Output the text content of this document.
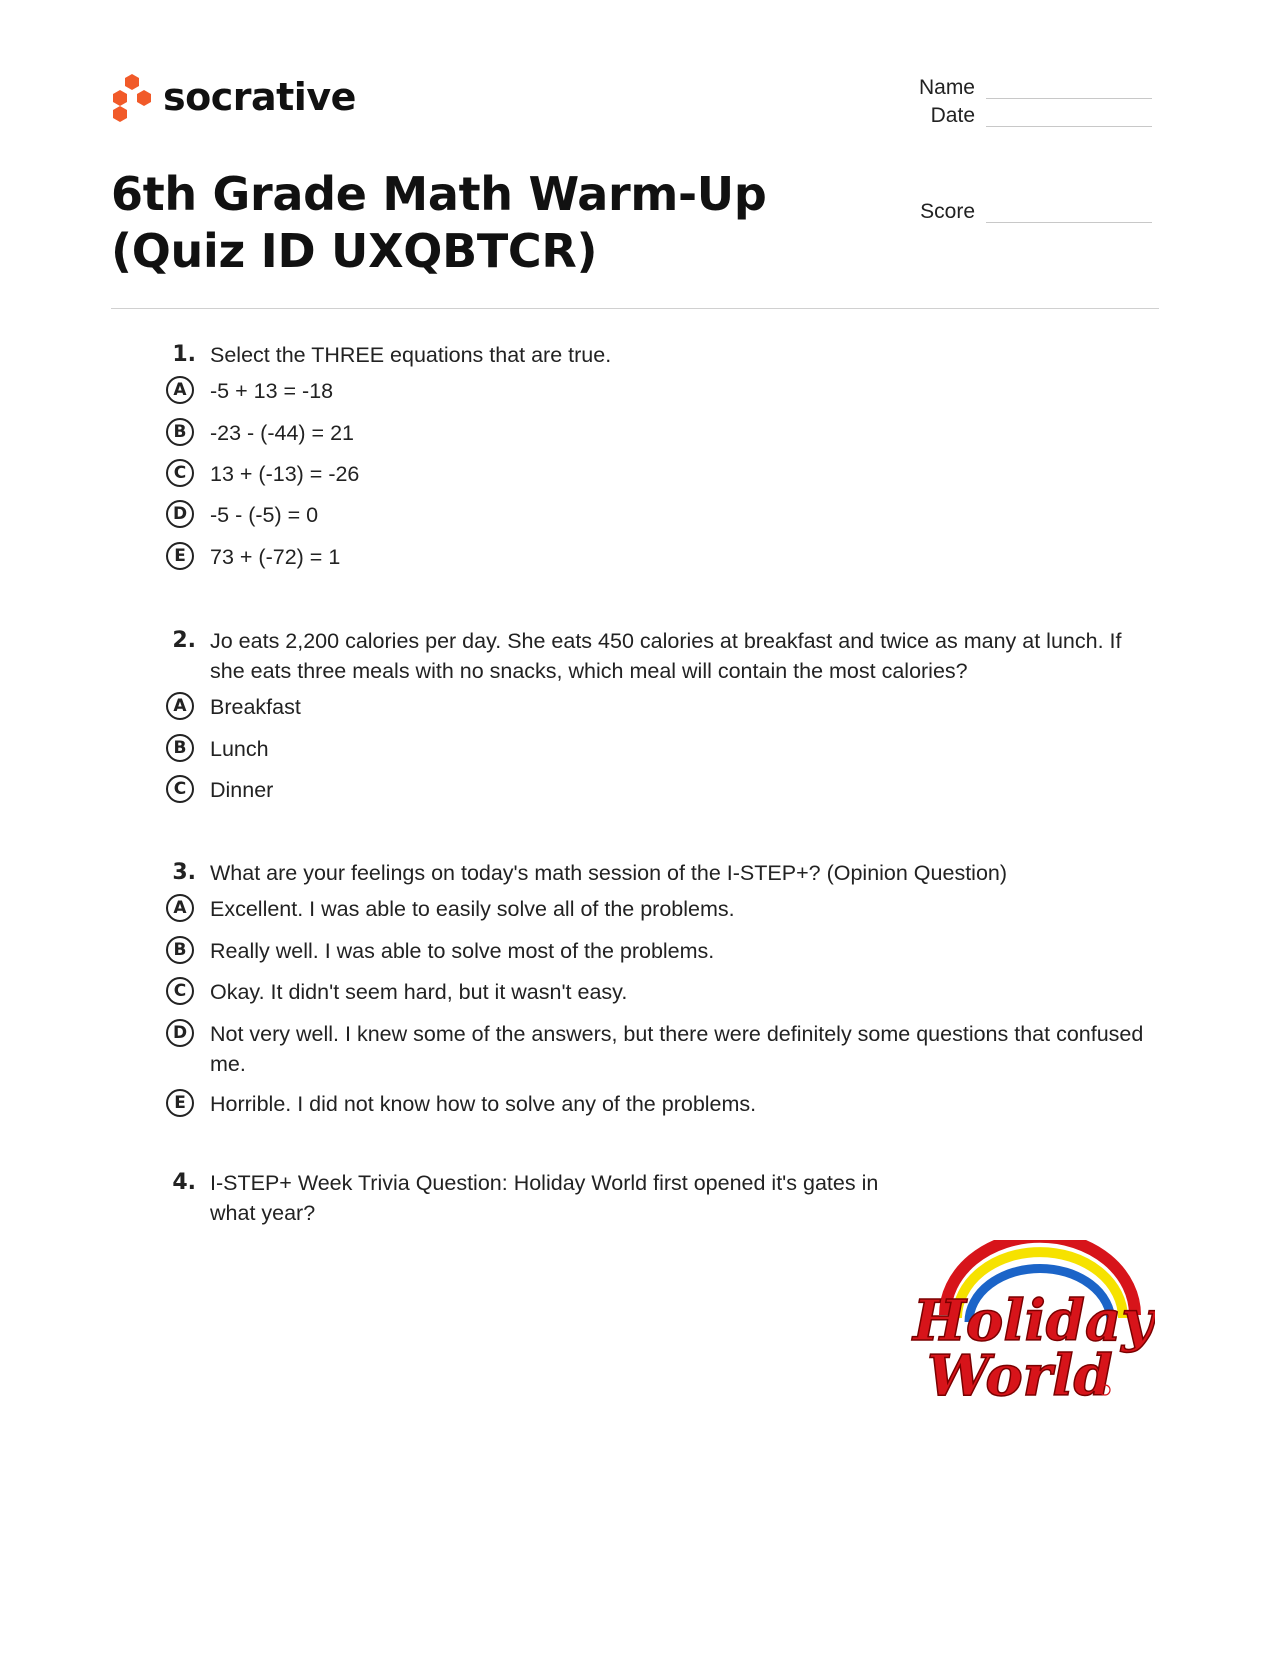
socrative	Name
Date
Score
6th Grade Math Warm-Up (Quiz ID UXQBTCR)
1. Select the THREE equations that are true.
A	-5 + 13 = -18
B	-23 - (-44) = 21
C	13 + (-13) = -26
D	-5 - (-5) = 0
E	73 + (-72) = 1
2. Jo eats 2,200 calories per day. She eats 450 calories at breakfast and twice as many at lunch. If she eats three meals with no snacks, which meal will contain the most calories?
A	Breakfast
B	Lunch
C	Dinner
3. What are your feelings on today's math session of the I-STEP+? (Opinion Question)
A	Excellent. I was able to easily solve all of the problems.
B	Really well. I was able to solve most of the problems.
C	Okay. It didn't seem hard, but it wasn't easy.
D	Not very well. I knew some of the answers, but there were definitely some questions that confused me.
E	Horrible. I did not know how to solve any of the problems.
4. I-STEP+ Week Trivia Question: Holiday World first opened it's gates in what year?
Holiday
World
